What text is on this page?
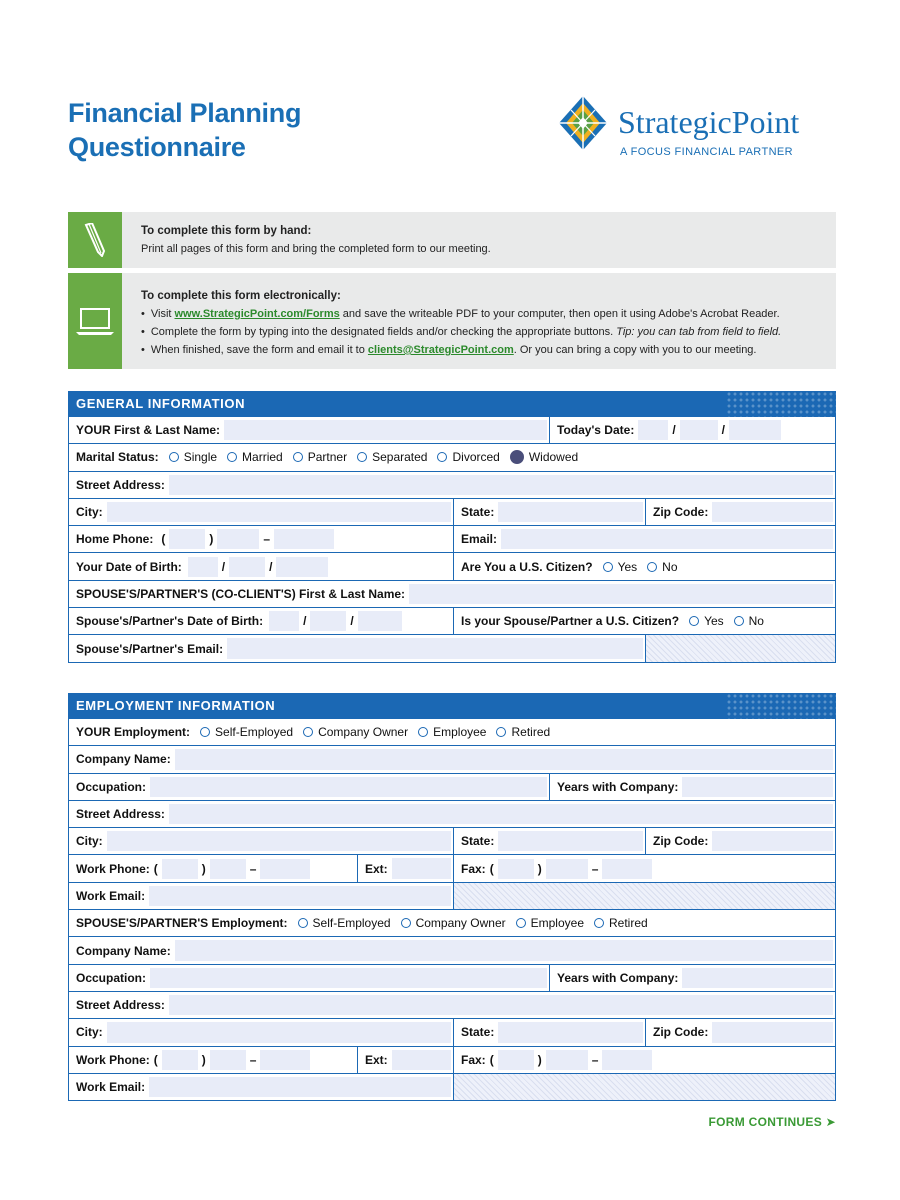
Financial Planning
Questionnaire
StrategicPoint
A FOCUS FINANCIAL PARTNER
To complete this form by hand:
Print all pages of this form and bring the completed form to our meeting.
To complete this form electronically:
• Visit www.StrategicPoint.com/Forms and save the writeable PDF to your computer, then open it using Adobe's Acrobat Reader.
• Complete the form by typing into the designated fields and/or checking the appropriate buttons. Tip: you can tab from field to field.
• When finished, save the form and email it to clients@StrategicPoint.com. Or you can bring a copy with you to our meeting.
GENERAL INFORMATION
YOUR First & Last Name:	Today's Date:	/	/
Marital Status: Single Married Partner Separated Divorced Widowed
Street Address:
City:	State:	Zip Code:
Home Phone: (	)	–	Email:
Your Date of Birth:	/	/	Are You a U.S. Citizen? Yes No
SPOUSE'S/PARTNER'S (CO-CLIENT'S) First & Last Name:
Spouse's/Partner's Date of Birth:	/	/	Is your Spouse/Partner a U.S. Citizen? Yes No
Spouse's/Partner's Email:
EMPLOYMENT INFORMATION
YOUR Employment: Self-Employed Company Owner Employee Retired
Company Name:
Occupation:	Years with Company:
Street Address:
City:	State:	Zip Code:
Work Phone: (	)	–	Ext:	Fax: (	)	–
Work Email:
SPOUSE'S/PARTNER'S Employment: Self-Employed Company Owner Employee Retired
Company Name:
Occupation:	Years with Company:
Street Address:
City:	State:	Zip Code:
Work Phone: (	)	–	Ext:	Fax: (	)	–
Work Email:
FORM CONTINUES ➤
